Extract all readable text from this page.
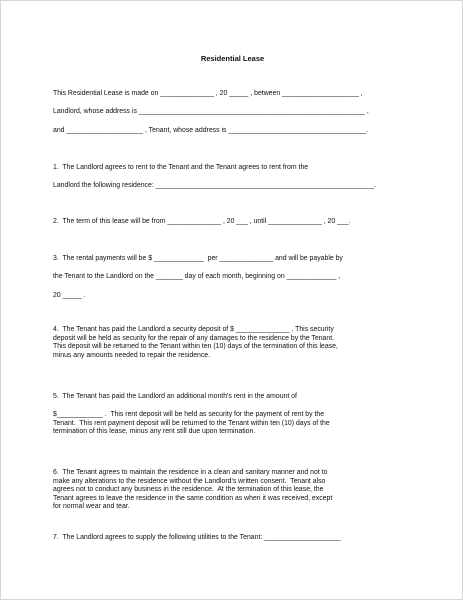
Residential Lease
This Residential Lease is made on ______________ , 20 _____ , between ____________________ ,
Landlord, whose address is ___________________________________________________________ ,
and ____________________ , Tenant, whose address is ____________________________________.
1.  The Landlord agrees to rent to the Tenant and the Tenant agrees to rent from the
Landlord the following residence: _________________________________________________________.
2.  The term of this lease will be from ______________ , 20 ___ , until ______________ , 20 ___.
3.  The rental payments will be $ _____________  per ______________ and will be payable by
the Tenant to the Landlord on the _______ day of each month, beginning on _____________ ,
20 _____ .
4.  The Tenant has paid the Landlord a security deposit of $ ______________ . This security
deposit will be held as security for the repair of any damages to the residence by the Tenant.
This deposit will be returned to the Tenant within ten (10) days of the termination of this lease,
minus any amounts needed to repair the residence.
5.  The Tenant has paid the Landlord an additional month's rent in the amount of
$____________ .  This rent deposit will be held as security for the payment of rent by the
Tenant.  This rent payment deposit will be returned to the Tenant within ten (10) days of the
termination of this lease, minus any rent still due upon termination.
6.  The Tenant agrees to maintain the residence in a clean and sanitary manner and not to
make any alterations to the residence without the Landlord's written consent.  Tenant also
agrees not to conduct any business in the residence.  At the termination of this lease, the
Tenant agrees to leave the residence in the same condition as when it was received, except
for normal wear and tear.
7.  The Landlord agrees to supply the following utilities to the Tenant: ____________________
